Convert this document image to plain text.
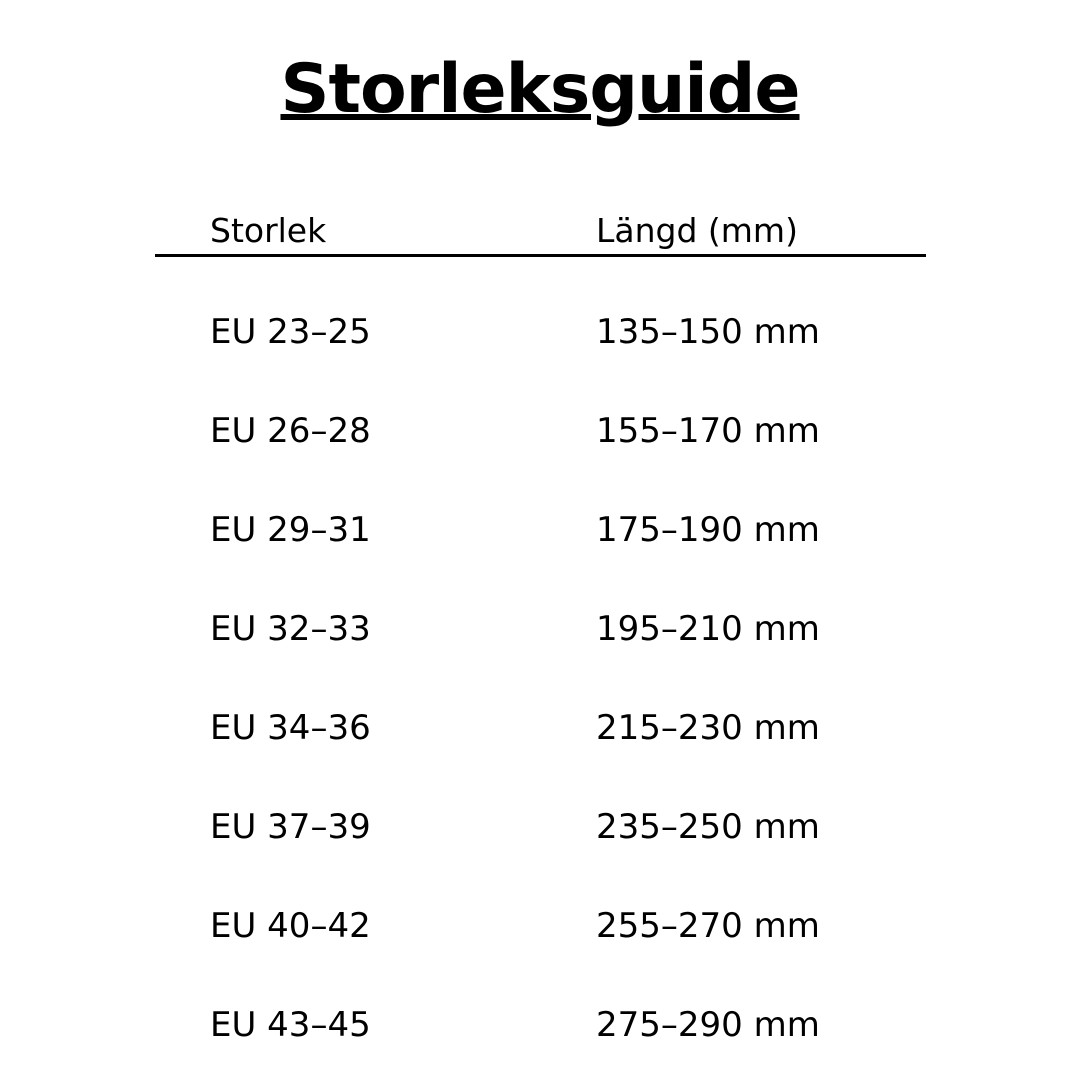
Storleksguide
Storlek	Längd (mm)
EU 23–25	135–150 mm
EU 26–28	155–170 mm
EU 29–31	175–190 mm
EU 32–33	195–210 mm
EU 34–36	215–230 mm
EU 37–39	235–250 mm
EU 40–42	255–270 mm
EU 43–45	275–290 mm
